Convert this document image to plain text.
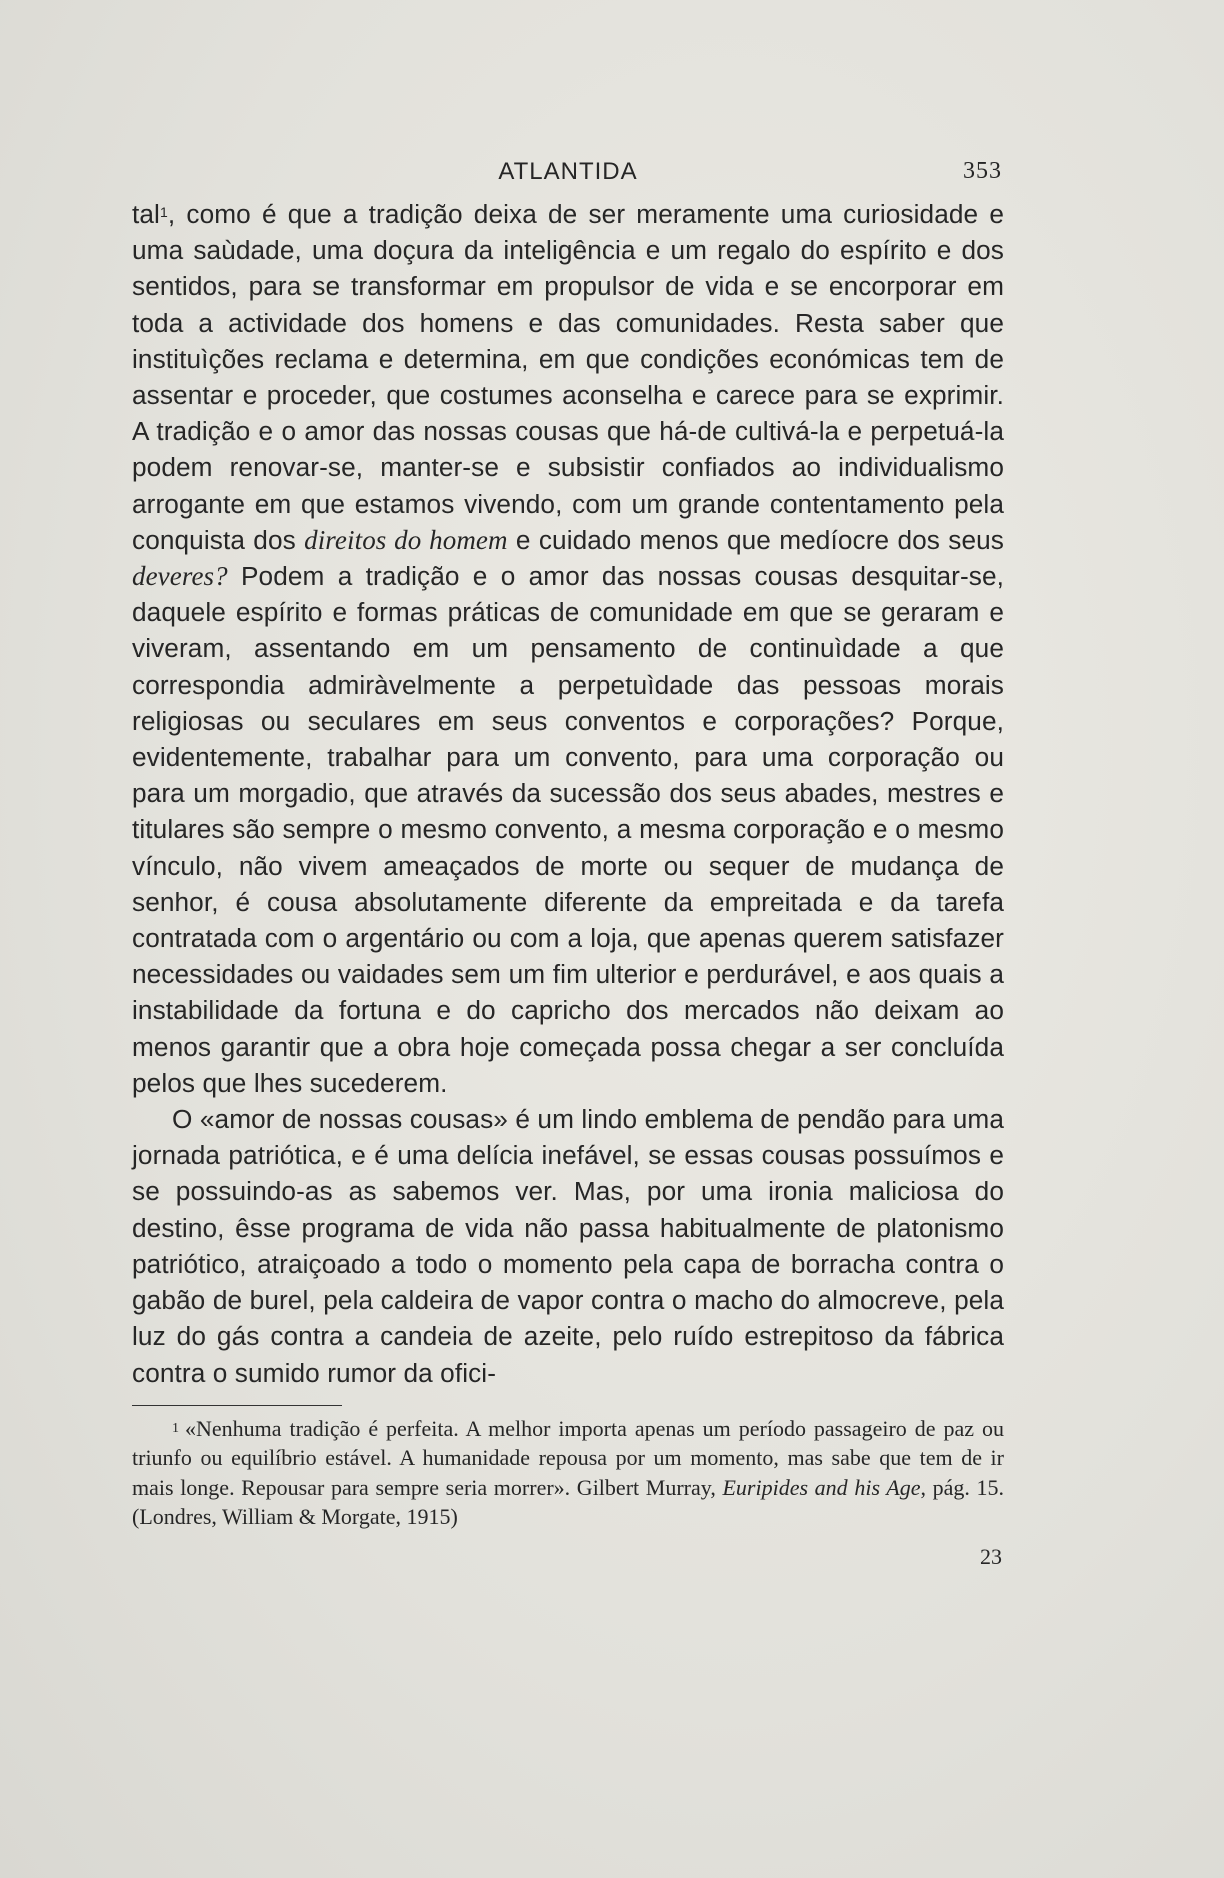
ATLANTIDA	353

tal$^1$, como é que a tradição deixa de ser meramente uma curiosidade e uma saùdade, uma doçura da inteligência e um regalo do espírito e dos sentidos, para se transformar em propulsor de vida e se encorporar em toda a actividade dos homens e das comunidades. Resta saber que instituìções reclama e determina, em que condições económicas tem de assentar e proceder, que costumes aconselha e carece para se exprimir. A tradição e o amor das nossas cousas que há-de cultivá-la e perpetuá-la podem renovar-se, manter-se e subsistir confiados ao individualismo arrogante em que estamos vivendo, com um grande contentamento pela conquista dos direitos do homem e cuidado menos que medíocre dos seus deveres? Podem a tradição e o amor das nossas cousas desquitar-se, daquele espírito e formas práticas de comunidade em que se geraram e viveram, assentando em um pensamento de continuìdade a que correspondia admiràvelmente a perpetuìdade das pessoas morais religiosas ou seculares em seus conventos e corporações? Porque, evidentemente, trabalhar para um convento, para uma corporação ou para um morgadio, que através da sucessão dos seus abades, mestres e titulares são sempre o mesmo convento, a mesma corporação e o mesmo vínculo, não vivem ameaçados de morte ou sequer de mudança de senhor, é cousa absolutamente diferente da empreitada e da tarefa contratada com o argentário ou com a loja, que apenas querem satisfazer necessidades ou vaidades sem um fim ulterior e perdurável, e aos quais a instabilidade da fortuna e do capricho dos mercados não deixam ao menos garantir que a obra hoje começada possa chegar a ser concluída pelos que lhes sucederem.

O «amor de nossas cousas» é um lindo emblema de pendão para uma jornada patriótica, e é uma delícia inefável, se essas cousas possuímos e se possuindo-as as sabemos ver. Mas, por uma ironia maliciosa do destino, êsse programa de vida não passa habitualmente de platonismo patriótico, atraiçoado a todo o momento pela capa de borracha contra o gabão de burel, pela caldeira de vapor contra o macho do almocreve, pela luz do gás contra a candeia de azeite, pelo ruído estrepitoso da fábrica contra o sumido rumor da ofici-

$^1$ «Nenhuma tradição é perfeita. A melhor importa apenas um período passageiro de paz ou triunfo ou equilíbrio estável. A humanidade repousa por um momento, mas sabe que tem de ir mais longe. Repousar para sempre seria morrer». Gilbert Murray, Euripides and his Age, pág. 15. (Londres, William & Morgate, 1915)

23
